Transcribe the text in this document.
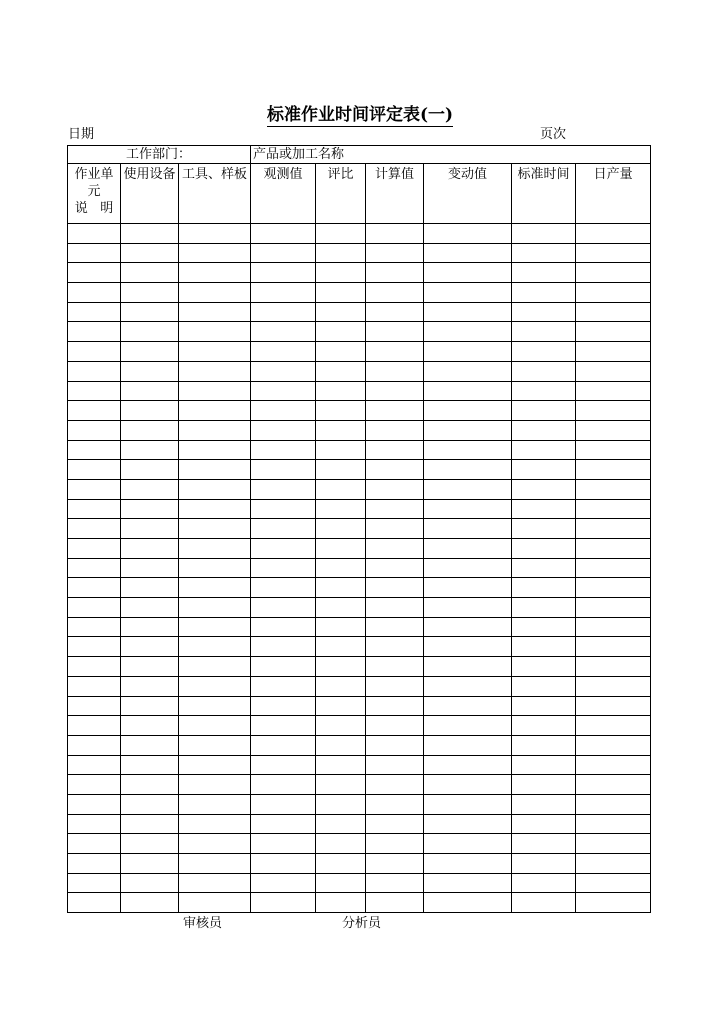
标准作业时间评定表(一)
日期	页次
工作部门：			产品或加工名称					
作业单
元
说   明	使用设备	工具、样板	观测值	评比	计算值	变动值	标准时间	日产量

审核员	分析员
